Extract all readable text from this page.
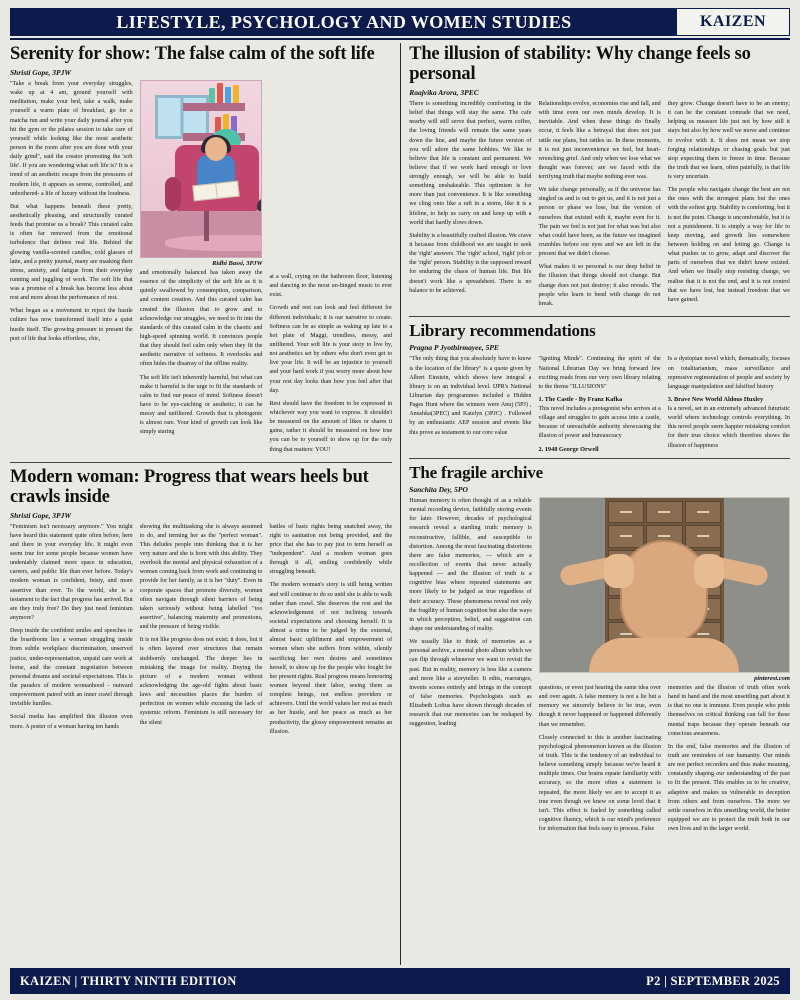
LIFESTYLE, PSYCHOLOGY AND WOMEN STUDIES	KAIZEN
Serenity for show: The false calm of the soft life
Shristi Gope, 3PJW

"Take a break from your everyday struggles, wake up at 4 am, ground yourself with meditation, make your bed, take a walk, make yourself a warm plate of breakfast, go for a matcha run and write your daily journal after you hit the gym or the pilates session to take care of yourself while looking like the most aesthetic person in the room after you are done with your daily grind", said the creator promoting the 'soft life'. If you are wondering what soft life is? It is a trend of an aesthetic escape from the pressures of modern life, it appears as serene, controlled, and unbothered- a life of luxury without the loudness.

But what happens beneath these pretty, aesthetically pleasing, and structurally curated feeds that promise us a break? This curated calm is often far removed from the emotional turbulence that defines real life. Behind the glowing vanilla-scented candles, cold glasses of latte, and a pretty journal, many are masking their stress, anxiety, and fatigue from their everyday running and juggling of work. The soft life that was a promise of a break has become less about rest and more about the performance of rest.

What began as a movement to reject the hustle culture has now transformed itself into a quiet hustle itself. The growing pressure to present the port of life that looks effortless, chic,

Ridhi Bassi, 3PJW

and emotionally balanced has taken away the essence of the simplicity of the soft life as it is quietly swallowed by consumption, comparison, and content creation. And this curated calm has created the illusion that to grow and to acknowledge our struggles, we need to fit into the standards of this curated calm in the chaotic and high-speed spinning world. It convinces people that they should feel calm only when they fit the aesthetic narrative of softness. It overlooks and often hides the disarray of the offline reality.

The soft life isn't inherently harmful, but what can make it harmful is the urge to fit the standards of calm to find our peace of mind. Softness doesn't have to be eye-catching or aesthetic; it can be messy and unfiltered. Growth that is photogenic is almost rare. Your kind of growth can look like simply staring

at a wall, crying on the bathroom floor, listening and dancing to the most un-hinged music to ever exist.

Growth and rest can look and feel different for different individuals; it is our narrative to create. Softness can be as simple as waking up late to a hot plate of Maggi, trendless, messy, and unfiltered. Your soft life is your story to live by, not aesthetics set by others who don't even get to live your life. It will be an injustice to yourself and your hard work if you worry more about how your rest day looks than how you feel after that day.

Rest should have the freedom to be expressed in whichever way you want to express. It shouldn't be measured on the amount of likes or shares it gains, rather it should be measured on how true you can be to yourself to show up for the only thing that matters: YOU!

Modern woman: Progress that wears heels but crawls inside
Shristi Gope, 3PJW

"Feminism isn't necessary anymore." You might have heard this statement quite often before, here and there in your everyday life. It might even seem true for some people because women have undeniably claimed more space in education, careers, and public life than ever before. Today's modern woman is confident, feisty, and more assertive than ever. To the world, she is a testament to the fact that progress has arrived. But are they truly free? Do they just need feminism anymore?

Deep inside the confident smiles and speeches in the boardroom lies a woman struggling inside from subtle workplace discrimination, unserved justice, under-representation, unpaid care work at home, and the constant negotiation between personal dreams and societal expectations. This is the paradox of modern womanhood - outward empowerment paired with an inner crawl through invisible hurdles.

Social media has amplified this illusion even more. A poster of a woman having ten hands

showing the multitasking she is always assumed to do, and terming her as the "perfect woman". This deludes people into thinking that it is her very nature and she is born with this ability. They overlook the mental and physical exhaustion of a woman coming back from work and continuing to provide for her family, as it is her "duty". Even in corporate spaces that promote diversity, women often navigate through silent barriers of being taken seriously without being labelled "too assertive", balancing maternity and promotions, and the pressure of being visible.

It is not like progress does not exist; it does, but it is often layered over structures that remain stubbornly unchanged. The deeper lies in mistaking the image for reality. Buying the picture of a modern woman without acknowledging the age-old fights about basic laws and necessities places the burden of perfection on women while excusing the lack of systemic reform. Feminism is still necessary for the silent

battles of basic rights being snatched away, the right to sanitation not being provided, and the price that she has to pay just to term herself as "independent". And a modern woman goes through it all, smiling confidently while struggling beneath.

The modern woman's story is still being written and will continue to do so until she is able to walk rather than crawl. She deserves the rest and the acknowledgement of not inclining towards societal expectations and choosing herself. It is almost a crime to be judged by the external, almost basic upliftment and empowerment of women when she suffers from within, silently sacrificing her own desires and sometimes herself, to show up for the people who fought for her present rights. Real progress means honouring women beyond their labor, seeing them as complete beings, not endless providers or achievers. Until the world values her rest as much as her hustle, and her peace as much as her productivity, the glossy empowerment remains an illusion.

The illusion of stability: Why change feels so personal
Raajvika Arora, 3PEC

There is something incredibly comforting in the belief that things will stay the same. The cafe nearby will still serve that perfect, warm coffee, the loving friends will remain the same years down the line, and maybe the future version of you will adore the same hobbies. We like to believe that life is constant and permanent. We believe that if we work hard enough or love strongly enough, we will be able to build something unshakeable. This optimism is for more than just convenience. It is like something we cling onto like a raft in a storm, like it is a lifeline, to help us carry on and keep up with a world that hardly slows down.

Stability is a beautifully crafted illusion. We crave it because from childhood we are taught to seek the 'right' answers. The 'right' school, 'right' job or the 'right' person. Stability is the supposed reward for enduring the chaos of human life. But life doesn't work like a spreadsheet. There is no balance to be achieved.

Relationships evolve, economies rise and fall, and with time even our own minds develop. It is inevitable. And when these things do finally occur, it feels like a betrayal that does not just rattle our plans, but rattles us. In these moments, it is not just inconvenience we feel, but heart-wrenching grief. And only when we lose what we thought was forever, are we faced with the terrifying truth that maybe nothing ever was.

We take change personally, as if the universe has singled us and is out to get us, and it is not just a person or phase we lose, but the version of ourselves that existed with it, maybe even for it. The pain we feel is not just for what was but also what could have been, as the future we imagined crumbles before our eyes and we are left in the present that we didn't choose.

What makes it so personal is our deep belief in the illusion that things should not change. But change does not just destroy; it also reveals. The people who learn to bend with change do not break.

they grow. Change doesn't have to be an enemy; it can be the constant comrade that we need, helping us measure life just not by how still it stays but also by how well we move and continue to evolve with it. It does not mean we stop forging relationships or chasing goals but just stop expecting them to freeze in time. Because the truth that we learn, often painfully, is that life is very uncertain.

The people who navigate change the best are not the ones with the strongest plans but the ones with the softest grip. Stability is comforting, but it is not the point. Change is uncomfortable, but it is not a punishment. It is simply a way for life to keep moving, and growth lies somewhere between holding on and letting go. Change is what pushes us to grow, adapt and discover the parts of ourselves that we didn't know existed. And when we finally stop resisting change, we realise that it is not the end, and it is not control that we have lost, but instead freedom that we have gained.

Library recommendations
Pragna P Jyothirmayee, 5PE

"The only thing that you absolutely have to know is the location of the library" is a quote given by Albert Einstein, which shows how integral a library is on an individual level. IJPR's National Librarian day programmes included a Hidden Pages Hunt where the winners were Anuj (5PJ) , Anushka(3PEC) and Katelyn (3PJC) . Followed by an enthusiastic AEP session and events like this prove as testament to our core value

"Igniting Minds". Continuing the spirit of the National Librarian Day we bring forward few exciting reads from our very own library relating to the theme "ILLUSIONS"

1. The Castle - By Franz Kafka

This novel includes a protagonist who arrives at a village and struggles to gain access into a castle, because of unreachable authority showcasing the illusion of power and bureaucracy

2. 1948 George Orwell

Is a dystopian novel which, thematically, focuses on totalitarianism, mass surveillance and repressive regimentation of people and society by language manipulation and falsified history

3. Brave New World Aldous Huxley

Is a novel, set in an extremely advanced futuristic world where technology controls everything. In this novel people seem happier mistaking comfort for their true choice which therefore shows the illusion of happiness

The fragile archive
Sanchita Dey, 5PO

Human memory is often thought of as a reliable mental recording device, faithfully storing events for later. However, decades of psychological research reveal a startling truth: memory is reconstructive, fallible, and susceptible to distortion. Among the most fascinating distortions there are false memories, — which are a recollection of events that never actually happened — and the illusion of truth is a cognitive bias where repeated statements are more likely to be judged as true regardless of their accuracy. These phenomena reveal not only the fragility of human cognition but also the ways in which perception, belief, and suggestion can shape our understanding of reality.

We usually like to think of memories as a personal archive, a mental photo album which we can flip through whenever we want to revisit the past. But in reality, memory is less like a camera and more like a storyteller. It edits, rearranges, invents scenes entirely and brings in the concept of false memories. Psychologists such as Elizabeth Loftus have shown through decades of research that our memories can be reshaped by suggestion, leading

pinterest.com

questions, or even just hearing the same idea over and over again. A false memory is not a lie but a memory we sincerely believe to be true, even though it never happened or happened differently than we remember.

Closely connected to this is another fascinating psychological phenomenon known as the illusion of truth. This is the tendency of an individual to believe something simply because we've heard it multiple times. Our brains equate familiarity with accuracy, so the more often a statement is repeated, the more likely we are to accept it as true even though we knew on some level that it isn't. This effect is fueled by something called cognitive fluency, which is our mind's preference for information that feels easy to process. False

memories and the illusion of truth often work hand in hand and the most unsettling part about it is that no one is immune. Even people who pride themselves on critical thinking can fall for these mental traps because they operate beneath our conscious awareness.

In the end, false memories and the illusion of truth are reminders of our humanity. Our minds are not perfect recorders and thus make meaning, constantly shaping our understanding of the past to fit the present. This enables us to be creative, adaptive and makes us vulnerable to deception from others and from ourselves. The more we settle ourselves in this unsettling world, the better equipped we are to protect the truth both in our own lives and in the larger world.

KAIZEN | THIRTY NINTH EDITION	P2 | SEPTEMBER 2025
